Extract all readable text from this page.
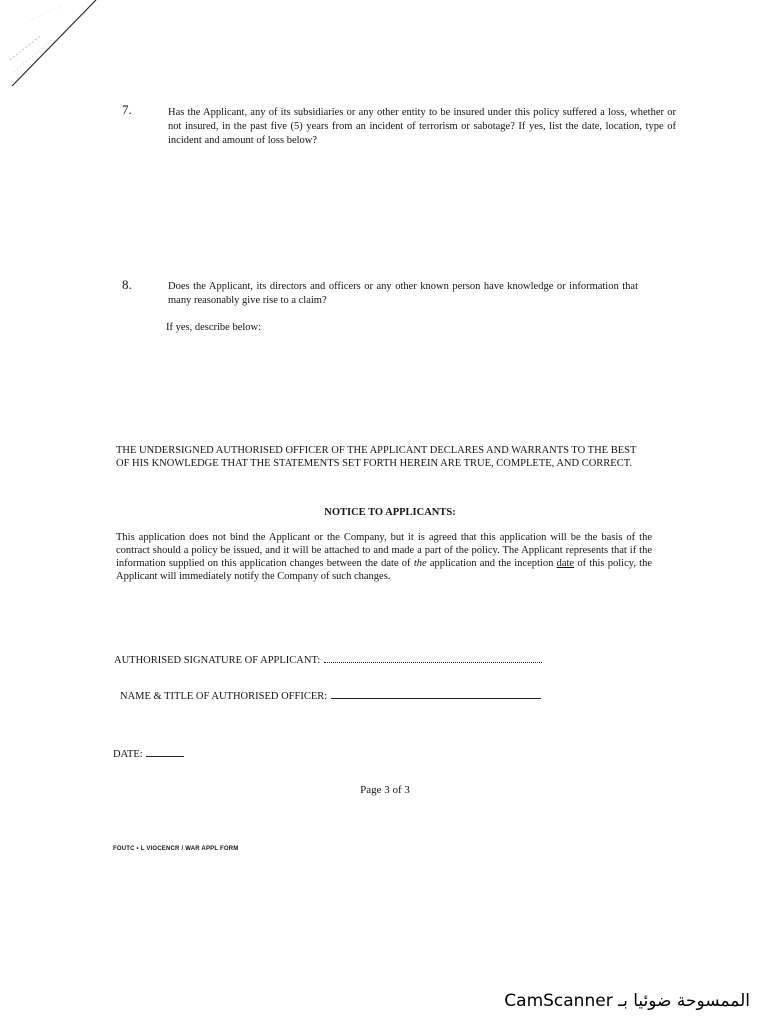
7.	Has the Applicant, any of its subsidiaries or any other entity to be insured under this policy suffered a loss, whether or not insured, in the past five (5) years from an incident of terrorism or sabotage? If yes, list the date, location, type of incident and amount of loss below?
8.	Does the Applicant, its directors and officers or any other known person have knowledge or information that many reasonably give rise to a claim?
If yes, describe below:
THE UNDERSIGNED AUTHORISED OFFICER OF THE APPLICANT DECLARES AND WARRANTS TO THE BEST OF HIS KNOWLEDGE THAT THE STATEMENTS SET FORTH HEREIN ARE TRUE, COMPLETE, AND CORRECT.
NOTICE TO APPLICANTS:
This application does not bind the Applicant or the Company, but it is agreed that this application will be the basis of the contract should a policy be issued, and it will be attached to and made a part of the policy. The Applicant represents that if the information supplied on this application changes between the date of the application and the inception date of this policy, the Applicant will immediately notify the Company of such changes.
AUTHORISED SIGNATURE OF APPLICANT:
NAME & TITLE OF AUTHORISED OFFICER:
DATE:
Page 3 of 3
FOUTC • L VIOCENCR / WAR APPL FORM
الممسوحة ضوئيا بـ CamScanner
